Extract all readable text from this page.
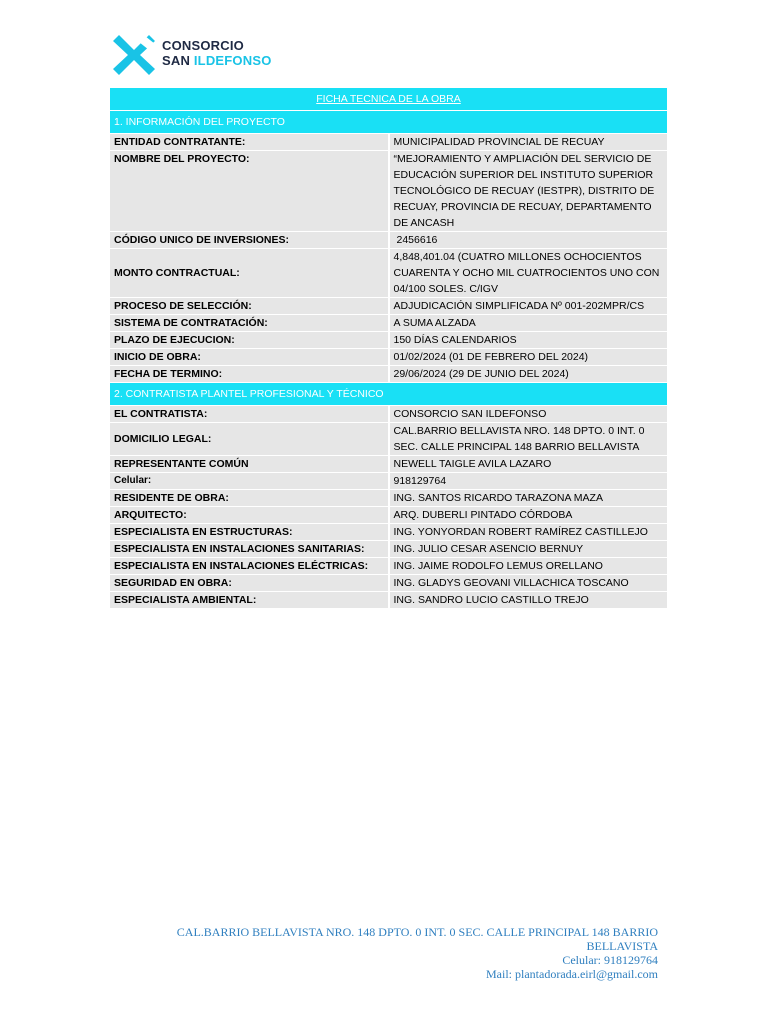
CONSORCIO
SAN ILDEFONSO
FICHA TECNICA DE LA OBRA	
1. INFORMACIÓN DEL PROYECTO	
ENTIDAD CONTRATANTE:	MUNICIPALIDAD PROVINCIAL DE RECUAY
NOMBRE DEL PROYECTO:	“MEJORAMIENTO Y AMPLIACIÓN DEL SERVICIO DE EDUCACIÓN SUPERIOR DEL INSTITUTO SUPERIOR TECNOLÓGICO DE RECUAY (IESTPR), DISTRITO DE RECUAY, PROVINCIA DE RECUAY, DEPARTAMENTO DE ANCASH
CÓDIGO UNICO DE INVERSIONES:	2456616
MONTO CONTRACTUAL:	4,848,401.04 (CUATRO MILLONES OCHOCIENTOS CUARENTA Y OCHO MIL CUATROCIENTOS UNO CON 04/100 SOLES. C/IGV
PROCESO DE SELECCIÓN:	ADJUDICACIÓN SIMPLIFICADA Nº 001-202MPR/CS
SISTEMA DE CONTRATACIÓN:	A SUMA ALZADA
PLAZO DE EJECUCION:	150 DÍAS CALENDARIOS
INICIO DE OBRA:	01/02/2024 (01 DE FEBRERO DEL 2024)
FECHA DE TERMINO:	29/06/2024 (29 DE JUNIO DEL 2024)
2. CONTRATISTA PLANTEL PROFESIONAL Y TÉCNICO	
EL CONTRATISTA:	CONSORCIO SAN ILDEFONSO
DOMICILIO LEGAL:	CAL.BARRIO BELLAVISTA NRO. 148 DPTO. 0 INT. 0 SEC. CALLE PRINCIPAL 148 BARRIO BELLAVISTA
REPRESENTANTE COMÚN	NEWELL TAIGLE AVILA LAZARO
Celular:	918129764
RESIDENTE DE OBRA:	ING. SANTOS RICARDO TARAZONA MAZA
ARQUITECTO:	ARQ. DUBERLI PINTADO CÓRDOBA
ESPECIALISTA EN ESTRUCTURAS:	ING. YONYORDAN ROBERT RAMÍREZ CASTILLEJO
ESPECIALISTA EN INSTALACIONES SANITARIAS:	ING. JULIO CESAR ASENCIO BERNUY
ESPECIALISTA EN INSTALACIONES ELÉCTRICAS:	ING. JAIME RODOLFO LEMUS ORELLANO
SEGURIDAD EN OBRA:	ING. GLADYS GEOVANI VILLACHICA TOSCANO
ESPECIALISTA AMBIENTAL:	ING. SANDRO LUCIO CASTILLO TREJO
CAL.BARRIO BELLAVISTA NRO. 148 DPTO. 0 INT. 0 SEC. CALLE PRINCIPAL 148 BARRIO BELLAVISTA
Celular: 918129764
Mail: plantadorada.eirl@gmail.com
